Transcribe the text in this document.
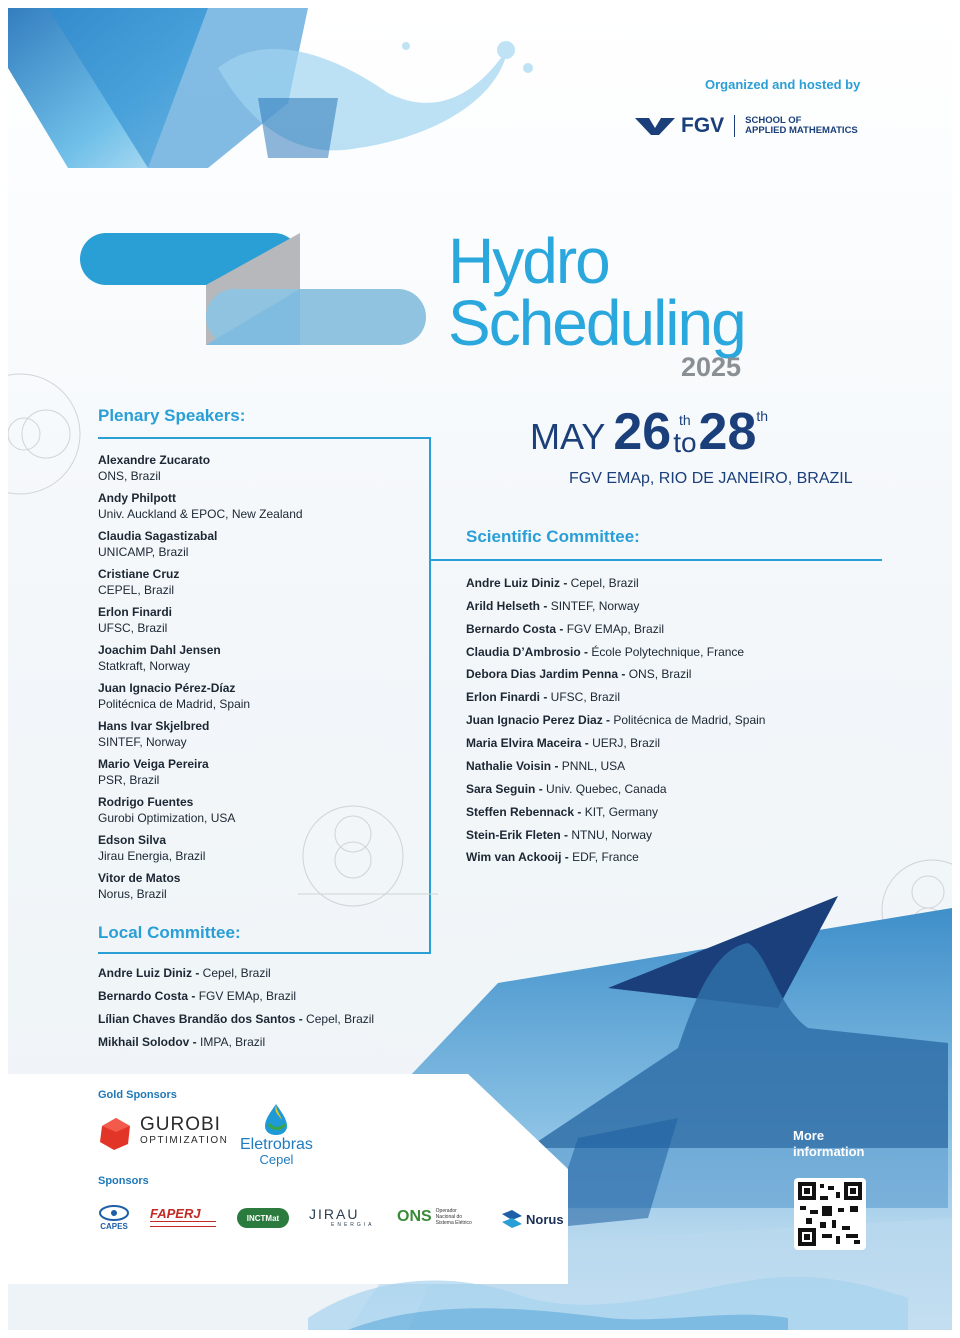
Organized and hosted by
FGV SCHOOL OF
APPLIED MATHEMATICS
Hydro
Scheduling
2025
MAY 26 th
to 28 th
FGV EMAp, RIO DE JANEIRO, BRAZIL
Plenary Speakers:
Alexandre Zucarato
ONS, Brazil
Andy Philpott
Univ. Auckland & EPOC, New Zealand
Claudia Sagastizabal
UNICAMP, Brazil
Cristiane Cruz
CEPEL, Brazil
Erlon Finardi
UFSC, Brazil
Joachim Dahl Jensen
Statkraft, Norway
Juan Ignacio Pérez-Díaz
Politécnica de Madrid, Spain
Hans Ivar Skjelbred
SINTEF, Norway
Mario Veiga Pereira
PSR, Brazil
Rodrigo Fuentes
Gurobi Optimization, USA
Edson Silva
Jirau Energia, Brazil
Vitor de Matos
Norus, Brazil
Scientific Committee:
Andre Luiz Diniz - Cepel, Brazil
Arild Helseth - SINTEF, Norway
Bernardo Costa - FGV EMAp, Brazil
Claudia D’Ambrosio - École Polytechnique, France
Debora Dias Jardim Penna - ONS, Brazil
Erlon Finardi - UFSC, Brazil
Juan Ignacio Perez Diaz - Politécnica de Madrid, Spain
Maria Elvira Maceira - UERJ, Brazil
Nathalie Voisin - PNNL, USA
Sara Seguin - Univ. Quebec, Canada
Steffen Rebennack - KIT, Germany
Stein-Erik Fleten - NTNU, Norway
Wim van Ackooij - EDF, France
Local Committee:
Andre Luiz Diniz - Cepel, Brazil
Bernardo Costa - FGV EMAp, Brazil
Lílian Chaves Brandão dos Santos - Cepel, Brazil
Mikhail Solodov - IMPA, Brazil
Gold Sponsors
GUROBI
OPTIMIZATION Eletrobras
Cepel
Sponsors
CAPES
FAPERJ	INCTMat	JIRAU
ENERGIA ONS Operador Nacional do Sistema Elétrico	Norus
More
information
